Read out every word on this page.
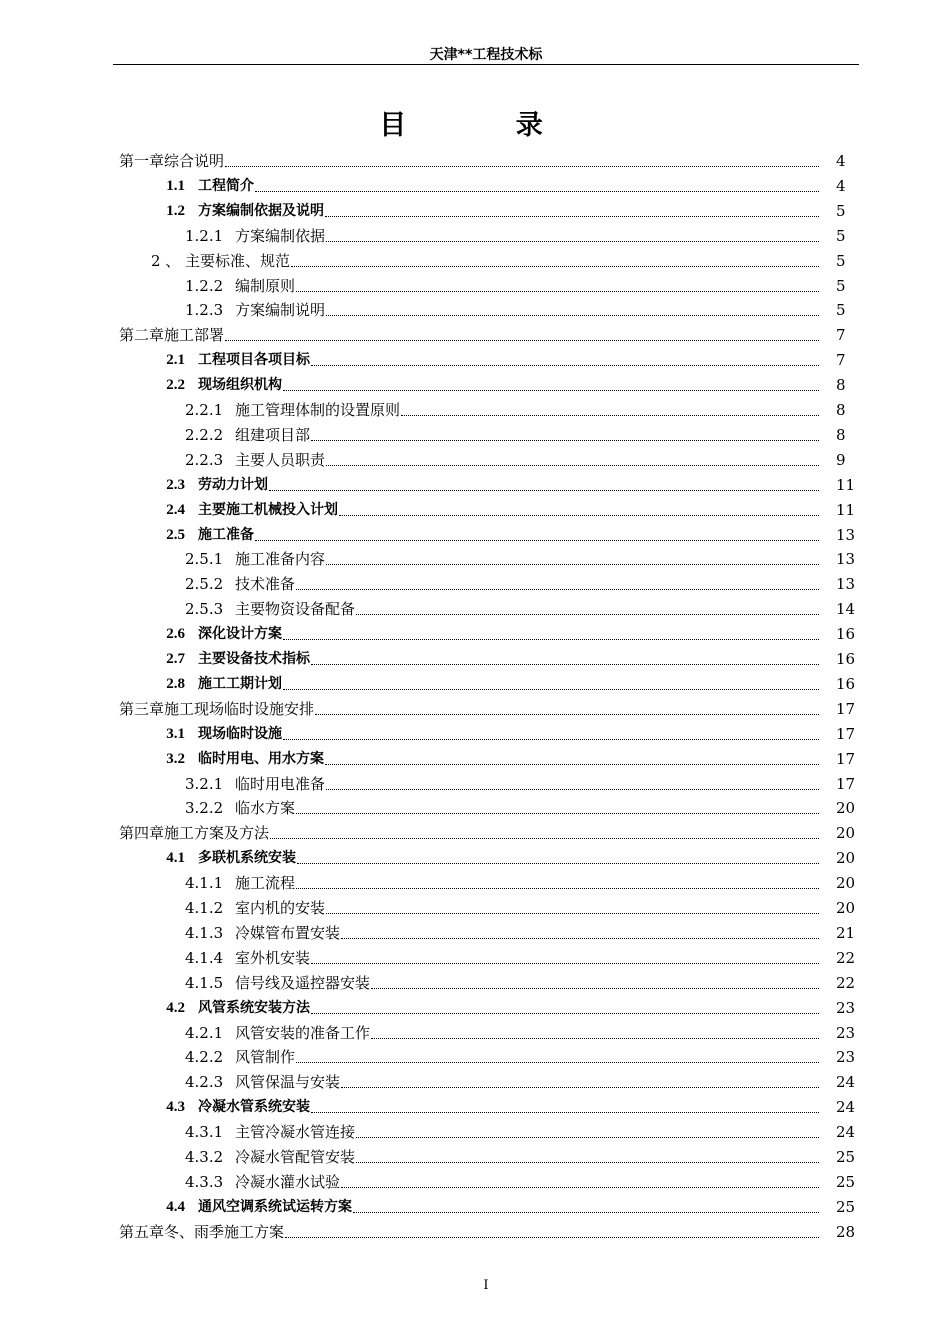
天津**工程技术标
目 录
第一章 综合说明	4
1.1 工程简介	4
1.2 方案编制依据及说明	5
1.2.1 方案编制依据	5
2 、 主要标准、规范	5
1.2.2 编制原则	5
1.2.3 方案编制说明	5
第二章 施工部署	7
2.1 工程项目各项目标	7
2.2 现场组织机构	8
2.2.1 施工管理体制的设置原则	8
2.2.2 组建项目部	8
2.2.3 主要人员职责	9
2.3 劳动力计划	11
2.4 主要施工机械投入计划	11
2.5 施工准备	13
2.5.1 施工准备内容	13
2.5.2 技术准备	13
2.5.3 主要物资设备配备	14
2.6 深化设计方案	16
2.7 主要设备技术指标	16
2.8 施工工期计划	16
第三章 施工现场临时设施安排	17
3.1 现场临时设施	17
3.2 临时用电、用水方案	17
3.2.1 临时用电准备	17
3.2.2 临水方案	20
第四章 施工方案及方法	20
4.1 多联机系统安装	20
4.1.1 施工流程	20
4.1.2 室内机的安装	20
4.1.3 冷媒管布置安装	21
4.1.4 室外机安装	22
4.1.5 信号线及遥控器安装	22
4.2 风管系统安装方法	23
4.2.1 风管安装的准备工作	23
4.2.2 风管制作	23
4.2.3 风管保温与安装	24
4.3 冷凝水管系统安装	24
4.3.1 主管冷凝水管连接	24
4.3.2 冷凝水管配管安装	25
4.3.3 冷凝水灌水试验	25
4.4 通风空调系统试运转方案	25
第五章 冬、雨季施工方案	28
I
